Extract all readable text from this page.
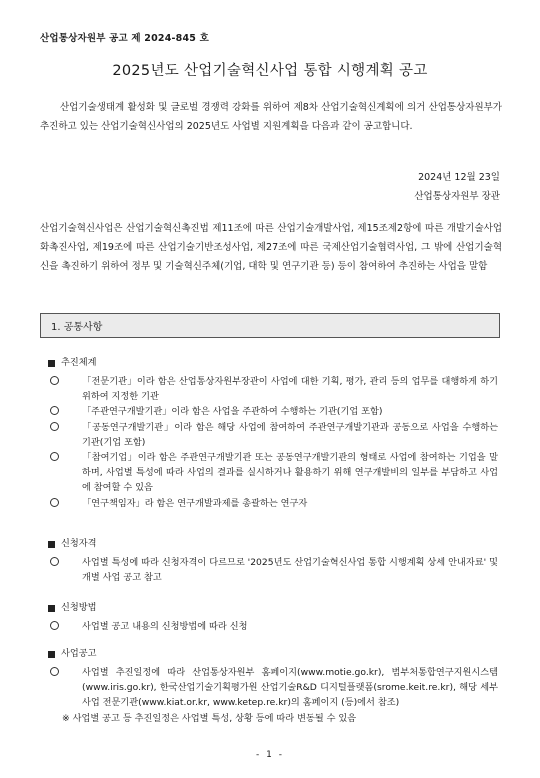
산업통상자원부 공고 제 2024-845 호
2025년도 산업기술혁신사업 통합 시행계획 공고

산업기술생태계 활성화 및 글로벌 경쟁력 강화를 위하여 제8차 산업기술혁신계획에 의거 산업통상자원부가 추진하고 있는 산업기술혁신사업의 2025년도 사업별 지원계획을 다음과 같이 공고합니다.

2024년 12월 23일
산업통상자원부 장관

산업기술혁신사업은 산업기술혁신촉진법 제11조에 따른 산업기술개발사업, 제15조제2항에 따른 개발기술사업화촉진사업, 제19조에 따른 산업기술기반조성사업, 제27조에 따른 국제산업기술협력사업, 그 밖에 산업기술혁신을 촉진하기 위하여 정부 및 기술혁신주체(기업, 대학 및 연구기관 등) 등이 참여하여 추진하는 사업을 말함

1. 공통사항
추진체계
「전문기관」이라 함은 산업통상자원부장관이 사업에 대한 기획, 평가, 관리 등의 업무를 대행하게 하기 위하여 지정한 기관
「주관연구개발기관」이라 함은 사업을 주관하여 수행하는 기관(기업 포함)
「공동연구개발기관」이라 함은 해당 사업에 참여하여 주관연구개발기관과 공동으로 사업을 수행하는 기관(기업 포함)
「참여기업」이라 함은 주관연구개발기관 또는 공동연구개발기관의 형태로 사업에 참여하는 기업을 말하며, 사업별 특성에 따라 사업의 결과를 실시하거나 활용하기 위해 연구개발비의 일부를 부담하고 사업에 참여할 수 있음
「연구책임자」라 함은 연구개발과제를 총괄하는 연구자
신청자격
사업별 특성에 따라 신청자격이 다르므로 '2025년도 산업기술혁신사업 통합 시행계획 상세 안내자료' 및 개별 사업 공고 참고
신청방법
사업별 공고 내용의 신청방법에 따라 신청
사업공고
사업별 추진일정에 따라 산업통상자원부 홈페이지(www.motie.go.kr), 범부처통합연구지원시스템(www.iris.go.kr), 한국산업기술기획평가원 산업기술R&D 디지털플랫폼(srome.keit.re.kr), 해당 세부사업 전문기관(www.kiat.or.kr, www.ketep.re.kr)의 홈페이지 (등)에서 참조)
※ 사업별 공고 등 추진일정은 사업별 특성, 상황 등에 따라 변동될 수 있음
- 1 -
